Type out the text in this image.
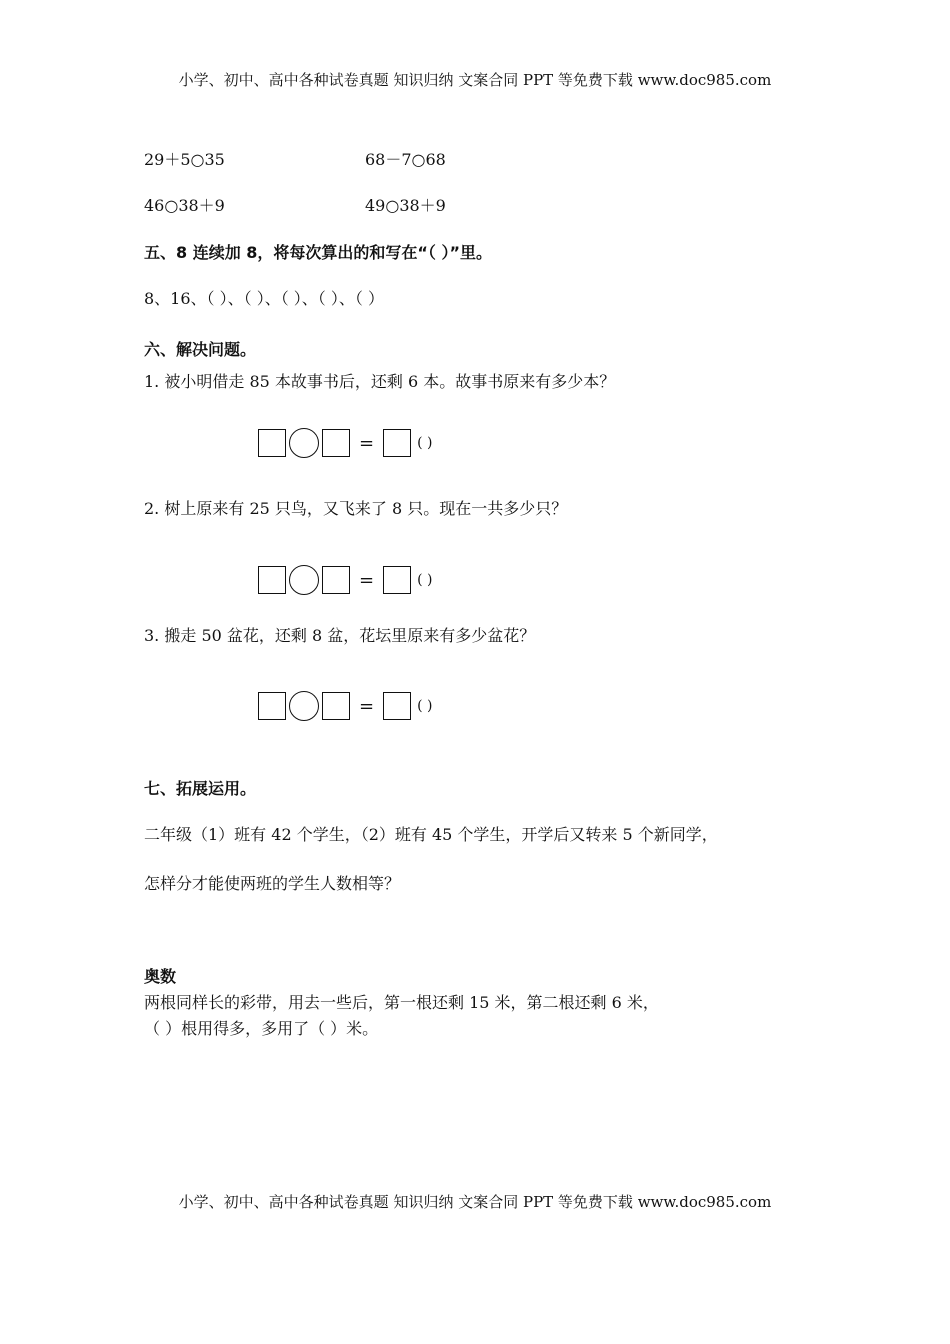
小学、初中、高中各种试卷真题 知识归纳 文案合同 PPT 等免费下载 www.doc985.com
29＋5○35	68－7○68
46○38＋9	49○38＋9
五、8 连续加 8，将每次算出的和写在“（ ）”里。
8、16、（ ）、（ ）、（ ）、（ ）、（ ）
六、解决问题。
1. 被小明借走 85 本故事书后，还剩 6 本。故事书原来有多少本？
=	( )
2. 树上原来有 25 只鸟，又飞来了 8 只。现在一共多少只？
=	( )
3. 搬走 50 盆花，还剩 8 盆，花坛里原来有多少盆花？
=	( )
七、拓展运用。
二年级（1）班有 42 个学生，（2）班有 45 个学生，开学后又转来 5 个新同学，
怎样分才能使两班的学生人数相等？
奥数
两根同样长的彩带，用去一些后，第一根还剩 15 米，第二根还剩 6 米，
（ ）根用得多，多用了（ ）米。
小学、初中、高中各种试卷真题 知识归纳 文案合同 PPT 等免费下载 www.doc985.com
